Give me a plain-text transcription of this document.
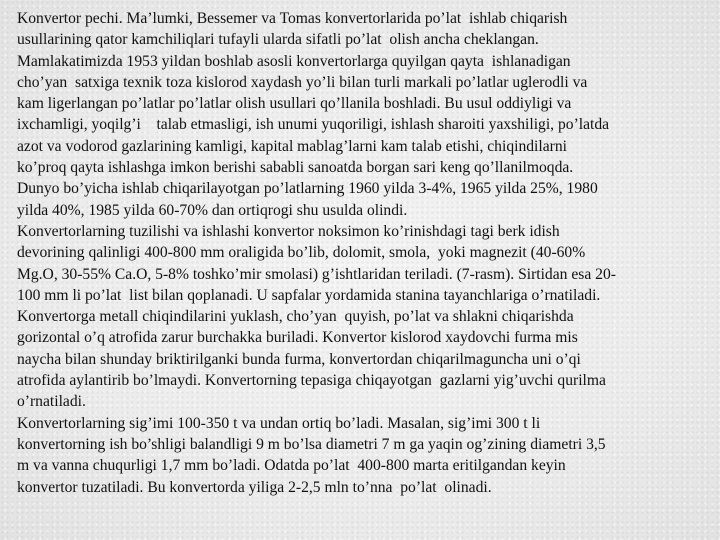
Konvertor pechi. Ma’lumki, Bessemer va Tomas konvertorlarida po’lat  ishlab chiqarish
usullarining qator kamchiliqlari tufayli ularda sifatli po’lat  olish ancha cheklangan.
Mamlakatimizda 1953 yildan boshlab asosli konvertorlarga quyilgan qayta  ishlanadigan
cho’yan  satxiga texnik toza kislorod xaydash yo’li bilan turli markali po’latlar uglerodli va
kam ligerlangan po’latlar po’latlar olish usullari qo’llanila boshladi. Bu usul oddiyligi va
ixchamligi, yoqilg’i    talab etmasligi, ish unumi yuqoriligi, ishlash sharoiti yaxshiligi, po’latda
azot va vodorod gazlarining kamligi, kapital mablag’larni kam talab etishi, chiqindilarni
ko’proq qayta ishlashga imkon berishi sababli sanoatda borgan sari keng qo’llanilmoqda.
Dunyo bo’yicha ishlab chiqarilayotgan po’latlarning 1960 yilda 3-4%, 1965 yilda 25%, 1980
yilda 40%, 1985 yilda 60-70% dan ortiqrogi shu usulda olindi.
Konvertorlarning tuzilishi va ishlashi konvertor noksimon ko’rinishdagi tagi berk idish
devorining qalinligi 400-800 mm oraligida bo’lib, dolomit, smola,  yoki magnezit (40-60%
Mg.O, 30-55% Ca.O, 5-8% toshko’mir smolasi) g’ishtlaridan teriladi. (7-rasm). Sirtidan esa 20-
100 mm li po’lat  list bilan qoplanadi. U sapfalar yordamida stanina tayanchlariga o’rnatiladi.
Konvertorga metall chiqindilarini yuklash, cho’yan  quyish, po’lat va shlakni chiqarishda
gorizontal o’q atrofida zarur burchakka buriladi. Konvertor kislorod xaydovchi furma mis
naycha bilan shunday briktirilganki bunda furma, konvertordan chiqarilmaguncha uni o’qi
atrofida aylantirib bo’lmaydi. Konvertorning tepasiga chiqayotgan  gazlarni yig’uvchi qurilma
o’rnatiladi.
Konvertorlarning sig’imi 100-350 t va undan ortiq bo’ladi. Masalan, sig’imi 300 t li
konvertorning ish bo’shligi balandligi 9 m bo’lsa diametri 7 m ga yaqin og’zining diametri 3,5
m va vanna chuqurligi 1,7 mm bo’ladi. Odatda po’lat  400-800 marta eritilgandan keyin
konvertor tuzatiladi. Bu konvertorda yiliga 2-2,5 mln to’nna  po’lat  olinadi.
